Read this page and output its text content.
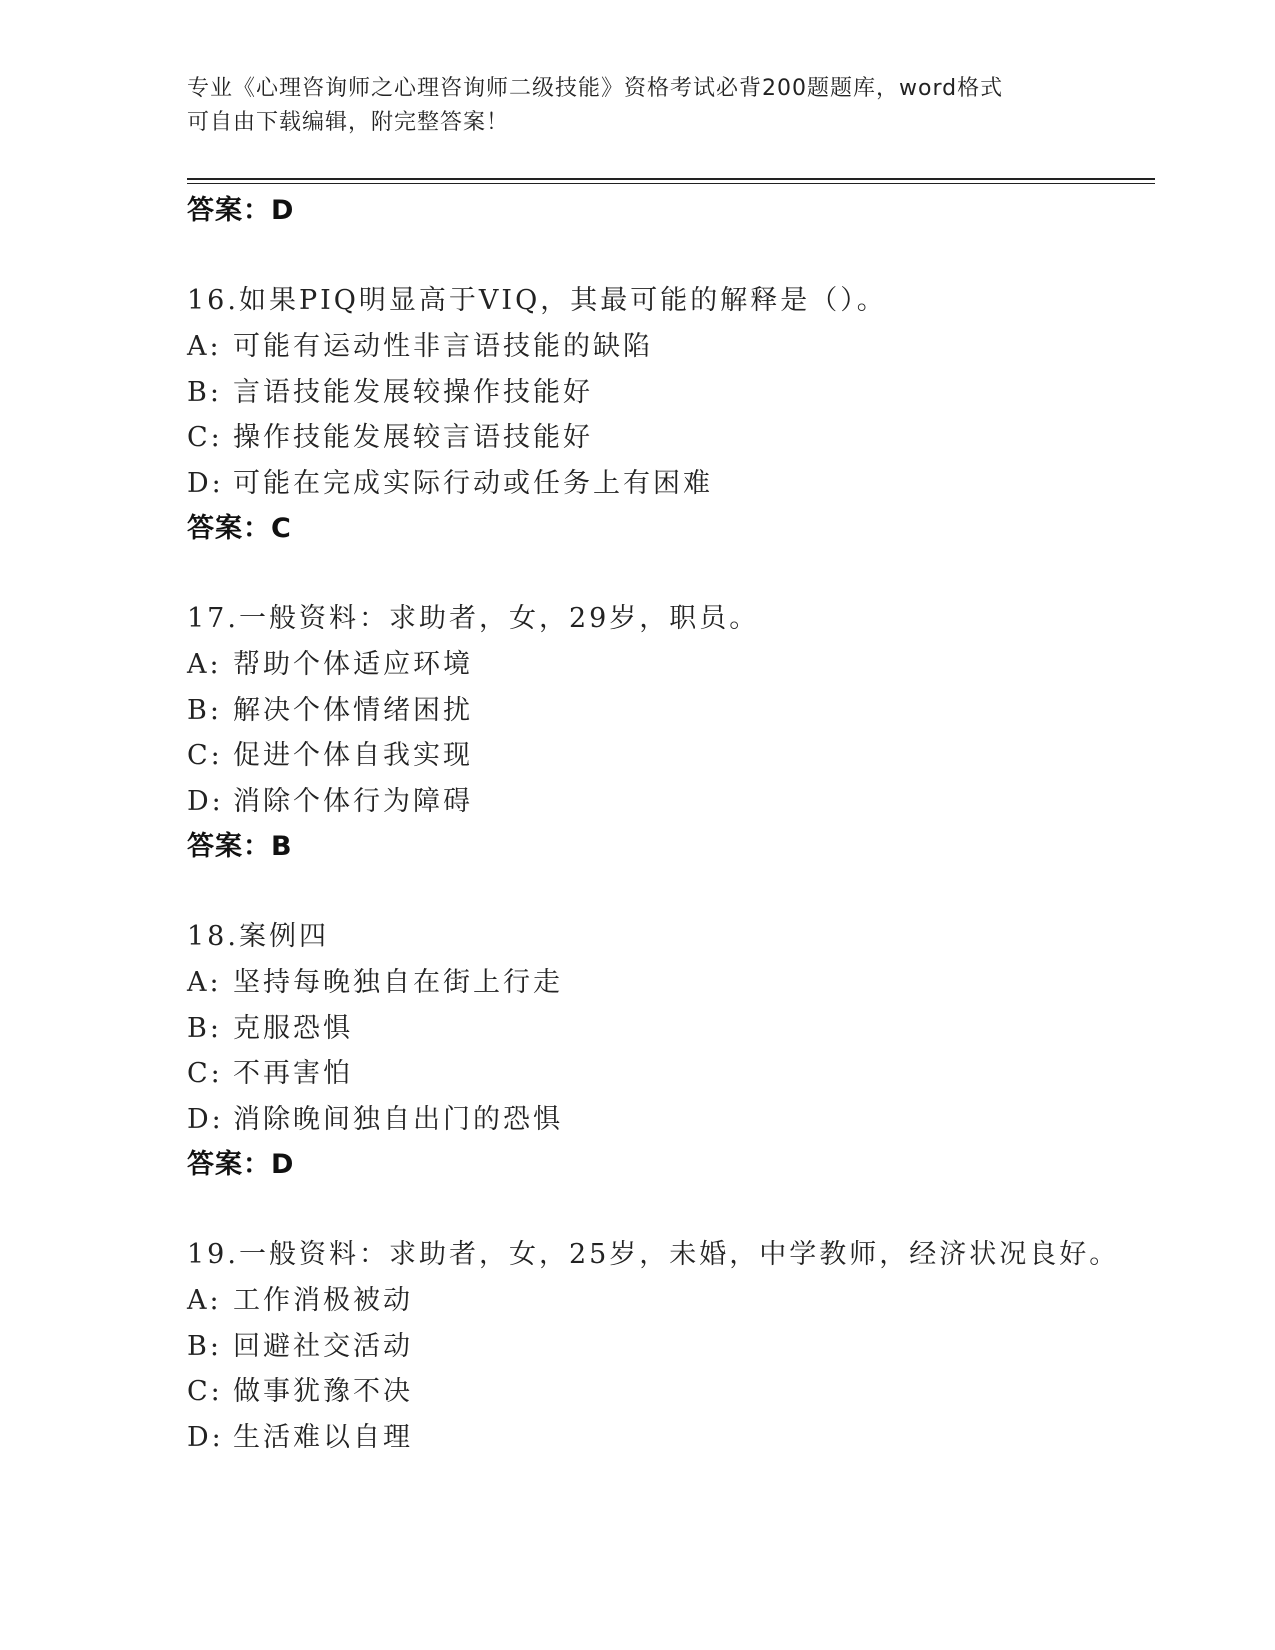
专业《心理咨询师之心理咨询师二级技能》资格考试必背200题题库，word格式
可自由下载编辑，附完整答案！
答案：D
16.如果PIQ明显高于VIQ，其最可能的解释是（）。
A: 可能有运动性非言语技能的缺陷
B: 言语技能发展较操作技能好
C: 操作技能发展较言语技能好
D: 可能在完成实际行动或任务上有困难
答案：C
17.一般资料：求助者，女，29岁，职员。
A: 帮助个体适应环境
B: 解决个体情绪困扰
C: 促进个体自我实现
D: 消除个体行为障碍
答案：B
18.案例四
A: 坚持每晚独自在街上行走
B: 克服恐惧
C: 不再害怕
D: 消除晚间独自出门的恐惧
答案：D
19.一般资料：求助者，女，25岁，未婚，中学教师，经济状况良好。
A: 工作消极被动
B: 回避社交活动
C: 做事犹豫不决
D: 生活难以自理
